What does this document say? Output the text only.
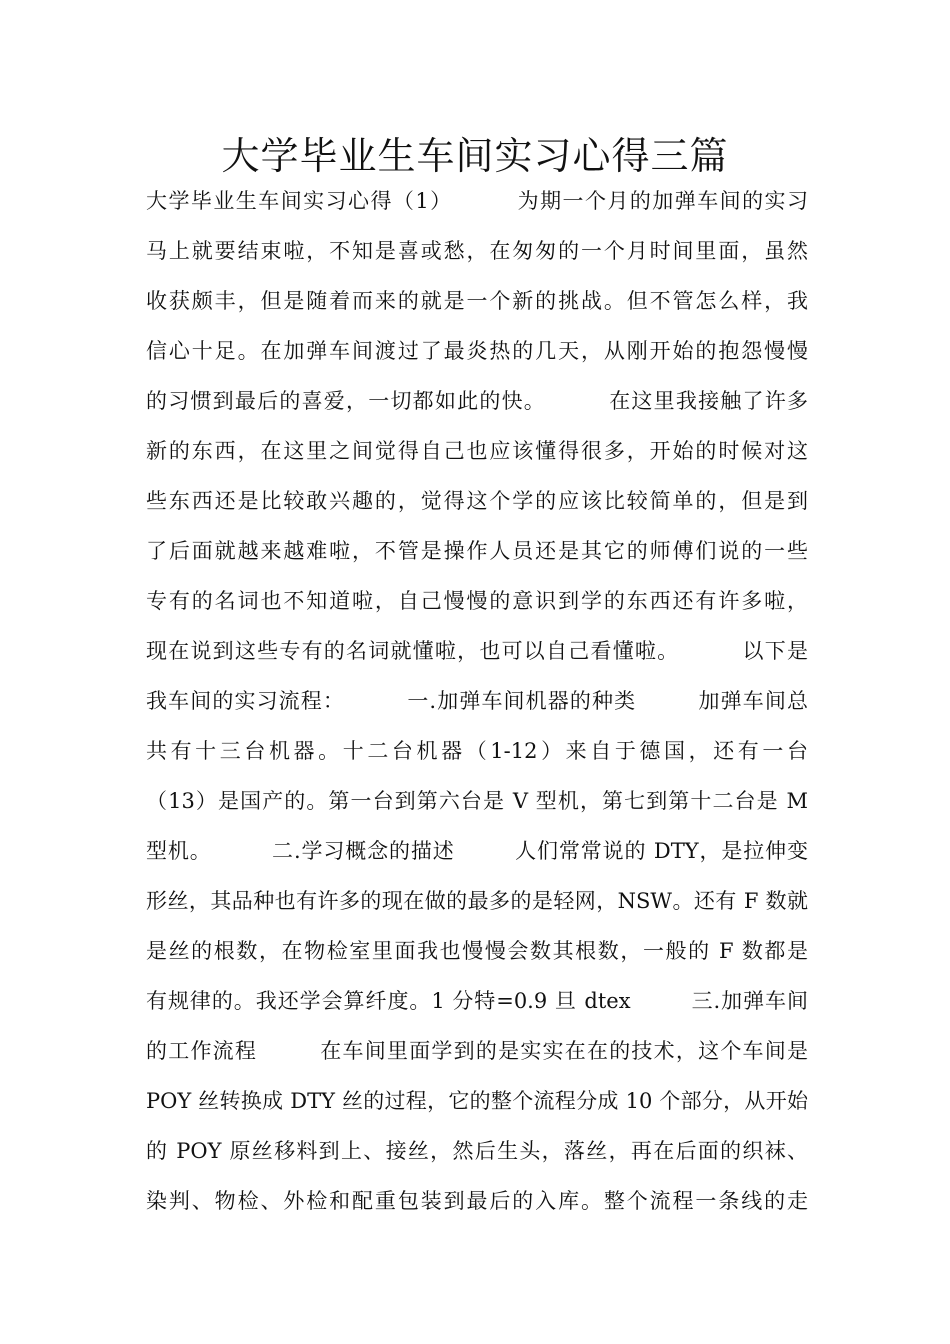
大学毕业生车间实习心得三篇
大学毕业生车间实习心得（1）        为期一个月的加弹车间的实习
马上就要结束啦，不知是喜或愁，在匆匆的一个月时间里面，虽然
收获颇丰，但是随着而来的就是一个新的挑战。但不管怎么样，我
信心十足。在加弹车间渡过了最炎热的几天，从刚开始的抱怨慢慢
的习惯到最后的喜爱，一切都如此的快。        在这里我接触了许多
新的东西，在这里之间觉得自己也应该懂得很多，开始的时候对这
些东西还是比较敢兴趣的，觉得这个学的应该比较简单的，但是到
了后面就越来越难啦，不管是操作人员还是其它的师傅们说的一些
专有的名词也不知道啦，自己慢慢的意识到学的东西还有许多啦，
现在说到这些专有的名词就懂啦，也可以自己看懂啦。        以下是
我车间的实习流程：        一.加弹车间机器的种类        加弹车间总
共有十三台机器。十二台机器（1-12）来自于德国，还有一台
（13）是国产的。第一台到第六台是 V 型机，第七到第十二台是 M
型机。        二.学习概念的描述        人们常常说的 DTY，是拉伸变
形丝，其品种也有许多的现在做的最多的是轻网，NSW。还有 F 数就
是丝的根数，在物检室里面我也慢慢会数其根数，一般的 F 数都是
有规律的。我还学会算纤度。1 分特=0.9 旦 dtex        三.加弹车间
的工作流程        在车间里面学到的是实实在在的技术，这个车间是
POY 丝转换成 DTY 丝的过程，它的整个流程分成 10 个部分，从开始
的 POY 原丝移料到上、接丝，然后生头，落丝，再在后面的织袜、
染判、物检、外检和配重包装到最后的入库。整个流程一条线的走
